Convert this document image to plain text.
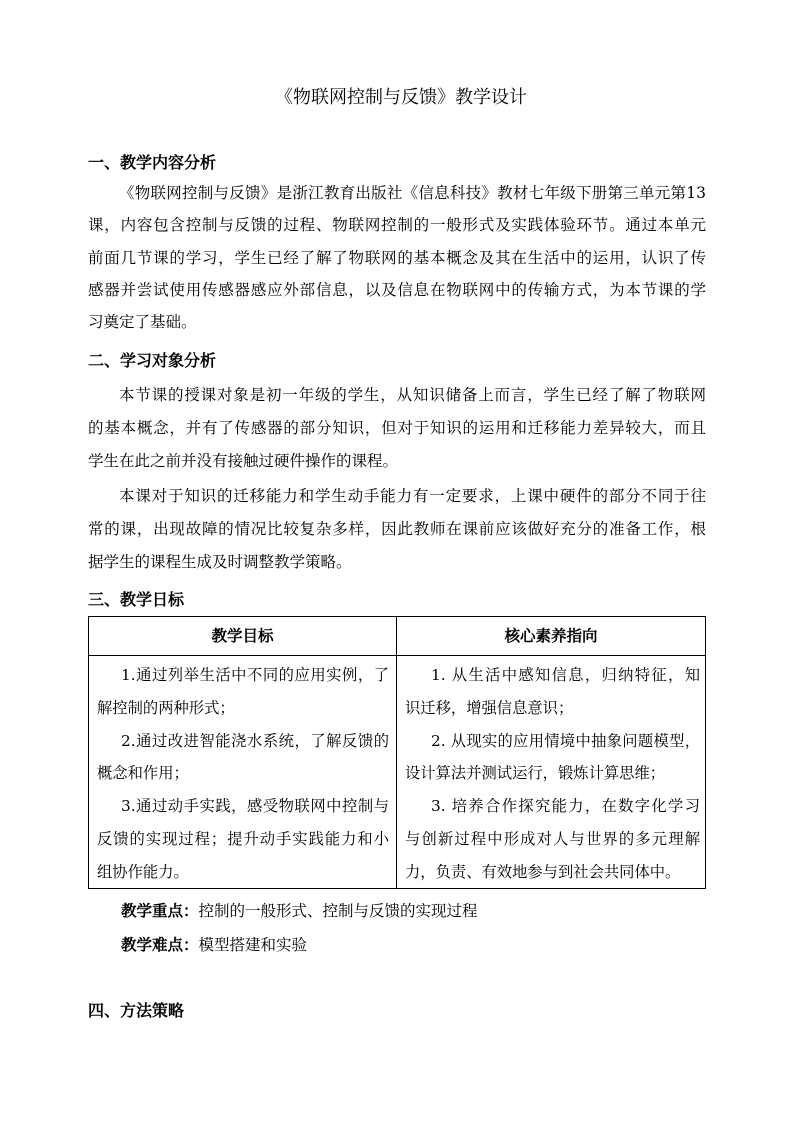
《物联网控制与反馈》教学设计
一、教学内容分析
《物联网控制与反馈》是浙江教育出版社《信息科技》教材七年级下册第三单元第13
课，内容包含控制与反馈的过程、物联网控制的一般形式及实践体验环节。通过本单元
前面几节课的学习，学生已经了解了物联网的基本概念及其在生活中的运用，认识了传
感器并尝试使用传感器感应外部信息，以及信息在物联网中的传输方式，为本节课的学
习奠定了基础。
二、学习对象分析
本节课的授课对象是初一年级的学生，从知识储备上而言，学生已经了解了物联网
的基本概念，并有了传感器的部分知识，但对于知识的运用和迁移能力差异较大，而且
学生在此之前并没有接触过硬件操作的课程。
本课对于知识的迁移能力和学生动手能力有一定要求，上课中硬件的部分不同于往
常的课，出现故障的情况比较复杂多样，因此教师在课前应该做好充分的准备工作，根
据学生的课程生成及时调整教学策略。
三、教学日标
教学目标	核心素养指向
1.通过列举生活中不同的应用实例，了
解控制的两种形式；
2.通过改进智能浇水系统，了解反馈的
概念和作用；
3.通过动手实践，感受物联网中控制与
反馈的实现过程；提升动手实践能力和小
组协作能力。
1. 从生活中感知信息，归纳特征，知
识迁移，增强信息意识；
2. 从现实的应用情境中抽象问题模型，
设计算法并测试运行，锻炼计算思维；
3. 培养合作探究能力，在数字化学习
与创新过程中形成对人与世界的多元理解
力，负责、有效地参与到社会共同体中。
教学重点：控制的一般形式、控制与反馈的实现过程
教学难点：模型搭建和实验
四、方法策略
